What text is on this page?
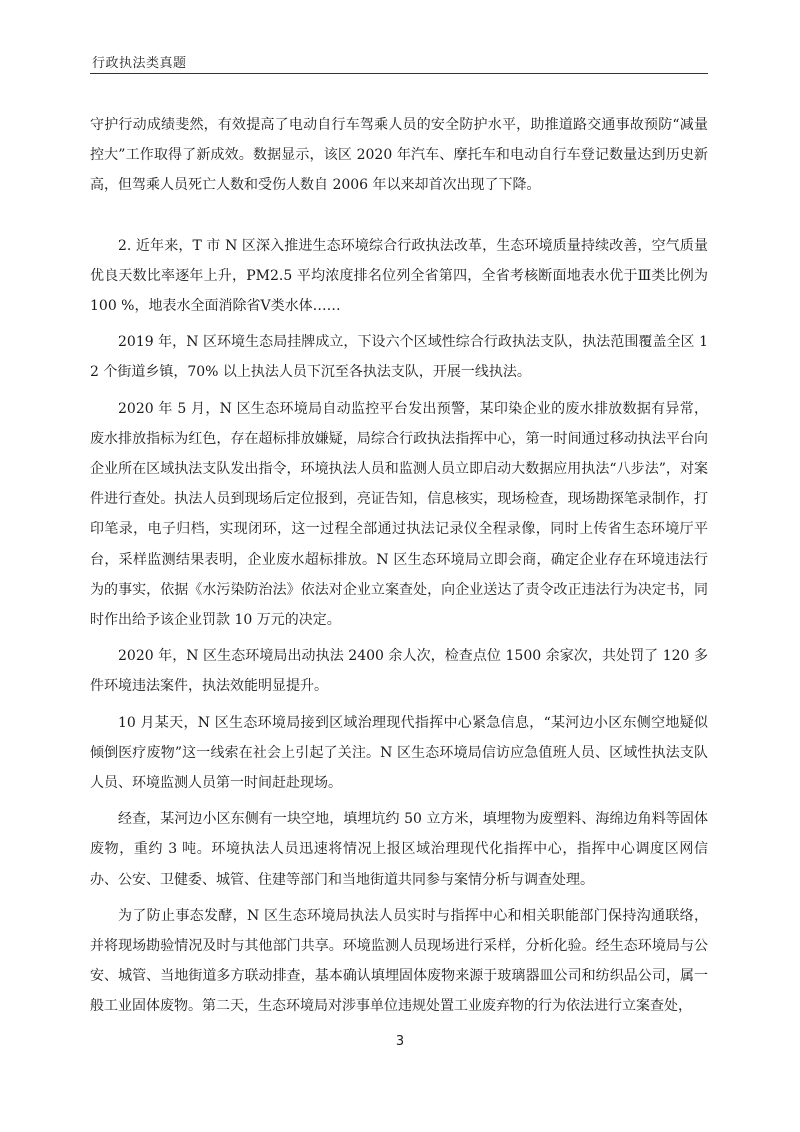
行政执法类真题

守护行动成绩斐然，有效提高了电动自行车驾乘人员的安全防护水平，助推道路交通事故预防“减量控大”工作取得了新成效。数据显示，该区 2020 年汽车、摩托车和电动自行车登记数量达到历史新高，但驾乘人员死亡人数和受伤人数自 2006 年以来却首次出现了下降。

2. 近年来，T 市 N 区深入推进生态环境综合行政执法改革，生态环境质量持续改善，空气质量优良天数比率逐年上升，PM2.5 平均浓度排名位列全省第四，全省考核断面地表水优于Ⅲ类比例为 100 %，地表水全面消除省Ⅴ类水体……

2019 年，N 区环境生态局挂牌成立，下设六个区域性综合行政执法支队，执法范围覆盖全区 12 个街道乡镇，70% 以上执法人员下沉至各执法支队，开展一线执法。

2020 年 5 月，N 区生态环境局自动监控平台发出预警，某印染企业的废水排放数据有异常，废水排放指标为红色，存在超标排放嫌疑，局综合行政执法指挥中心，第一时间通过移动执法平台向企业所在区域执法支队发出指令，环境执法人员和监测人员立即启动大数据应用执法“八步法”，对案件进行查处。执法人员到现场后定位报到，亮证告知，信息核实，现场检查，现场勘探笔录制作，打印笔录，电子归档，实现闭环，这一过程全部通过执法记录仪全程录像，同时上传省生态环境厅平台，采样监测结果表明，企业废水超标排放。N 区生态环境局立即会商，确定企业存在环境违法行为的事实，依据《水污染防治法》依法对企业立案查处，向企业送达了责令改正违法行为决定书，同时作出给予该企业罚款 10 万元的决定。

2020 年，N 区生态环境局出动执法 2400 余人次，检查点位 1500 余家次，共处罚了 120 多件环境违法案件，执法效能明显提升。

10 月某天，N 区生态环境局接到区域治理现代指挥中心紧急信息，“某河边小区东侧空地疑似倾倒医疗废物”这一线索在社会上引起了关注。N 区生态环境局信访应急值班人员、区域性执法支队人员、环境监测人员第一时间赶赴现场。

经查，某河边小区东侧有一块空地，填埋坑约 50 立方米，填埋物为废塑料、海绵边角料等固体废物，重约 3 吨。环境执法人员迅速将情况上报区域治理现代化指挥中心，指挥中心调度区网信办、公安、卫健委、城管、住建等部门和当地街道共同参与案情分析与调查处理。

为了防止事态发酵，N 区生态环境局执法人员实时与指挥中心和相关职能部门保持沟通联络，并将现场勘验情况及时与其他部门共享。环境监测人员现场进行采样，分析化验。经生态环境局与公安、城管、当地街道多方联动排查，基本确认填埋固体废物来源于玻璃器皿公司和纺织品公司，属一般工业固体废物。第二天，生态环境局对涉事单位违规处置工业废弃物的行为依法进行立案查处，

3
